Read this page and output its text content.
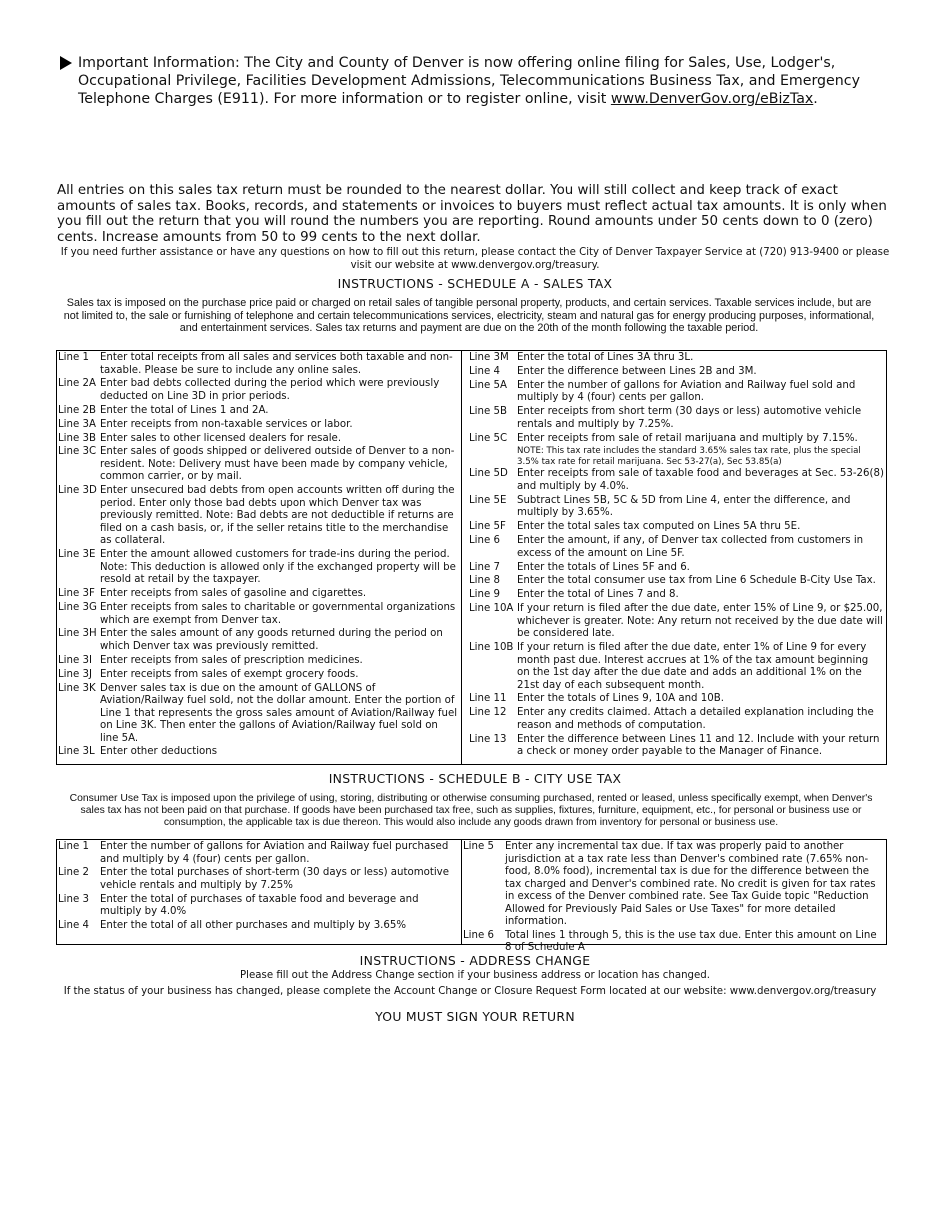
Important Information: The City and County of Denver is now offering online filing for Sales, Use, Lodger's, Occupational Privilege, Facilities Development Admissions, Telecommunications Business Tax, and Emergency Telephone Charges (E911). For more information or to register online, visit www.DenverGov.org/eBizTax.
All entries on this sales tax return must be rounded to the nearest dollar. You will still collect and keep track of exact amounts of sales tax. Books, records, and statements or invoices to buyers must reflect actual tax amounts. It is only when you fill out the return that you will round the numbers you are reporting. Round amounts under 50 cents down to 0 (zero) cents. Increase amounts from 50 to 99 cents to the next dollar.
If you need further assistance or have any questions on how to fill out this return, please contact the City of Denver Taxpayer Service at (720) 913-9400 or please visit our website at www.denvergov.org/treasury.
INSTRUCTIONS - SCHEDULE A - SALES TAX
Sales tax is imposed on the purchase price paid or charged on retail sales of tangible personal property, products, and certain services. Taxable services include, but are not limited to, the sale or furnishing of telephone and certain telecommunications services, electricity, steam and natural gas for energy producing purposes, informational, and entertainment services. Sales tax returns and payment are due on the 20th of the month following the taxable period.
Line 1	Enter total receipts from all sales and services both taxable and non-taxable. Please be sure to include any online sales.
Line 2A Enter bad debts collected during the period which were previously deducted on Line 3D in prior periods.
Line 2B Enter the total of Lines 1 and 2A.
Line 3A Enter receipts from non-taxable services or labor.
Line 3B Enter sales to other licensed dealers for resale.
Line 3C Enter sales of goods shipped or delivered outside of Denver to a non-resident. Note: Delivery must have been made by company vehicle, common carrier, or by mail.
Line 3D Enter unsecured bad debts from open accounts written off during the period. Enter only those bad debts upon which Denver tax was previously remitted. Note: Bad debts are not deductible if returns are filed on a cash basis, or, if the seller retains title to the merchandise as collateral.
Line 3E Enter the amount allowed customers for trade-ins during the period. Note: This deduction is allowed only if the exchanged property will be resold at retail by the taxpayer.
Line 3F Enter receipts from sales of gasoline and cigarettes.
Line 3G Enter receipts from sales to charitable or governmental organizations which are exempt from Denver tax.
Line 3H Enter the sales amount of any goods returned during the period on which Denver tax was previously remitted.
Line 3I Enter receipts from sales of prescription medicines.
Line 3J Enter receipts from sales of exempt grocery foods.
Line 3K Denver sales tax is due on the amount of GALLONS of Aviation/Railway fuel sold, not the dollar amount. Enter the portion of Line 1 that represents the gross sales amount of Aviation/Railway fuel on Line 3K. Then enter the gallons of Aviation/Railway fuel sold on line 5A.
Line 3L Enter other deductions
Line 3M Enter the total of Lines 3A thru 3L.
Line 4	Enter the difference between Lines 2B and 3M.
Line 5A Enter the number of gallons for Aviation and Railway fuel sold and multiply by 4 (four) cents per gallon.
Line 5B Enter receipts from short term (30 days or less) automotive vehicle rentals and multiply by 7.25%.
Line 5C Enter receipts from sale of retail marijuana and multiply by 7.15%.
NOTE: This tax rate includes the standard 3.65% sales tax rate, plus the special 3.5% tax rate for retail marijuana. Sec 53-27(a), Sec 53.85(a)
Line 5D Enter receipts from sale of taxable food and beverages at Sec. 53-26(8) and multiply by 4.0%.
Line 5E	Subtract Lines 5B, 5C & 5D from Line 4, enter the difference, and multiply by 3.65%.
Line 5F	Enter the total sales tax computed on Lines 5A thru 5E.
Line 6	Enter the amount, if any, of Denver tax collected from customers in excess of the amount on Line 5F.
Line 7	Enter the totals of Lines 5F and 6.
Line 8	Enter the total consumer use tax from Line 6 Schedule B-City Use Tax.
Line 9	Enter the total of Lines 7 and 8.
Line 10A If your return is filed after the due date, enter 15% of Line 9, or $25.00, whichever is greater. Note: Any return not received by the due date will be considered late.
Line 10B If your return is filed after the due date, enter 1% of Line 9 for every month past due. Interest accrues at 1% of the tax amount beginning on the 1st day after the due date and adds an additional 1% on the 21st day of each subsequent month.
Line 11	Enter the totals of Lines 9, 10A and 10B.
Line 12	Enter any credits claimed. Attach a detailed explanation including the reason and methods of computation.
Line 13	Enter the difference between Lines 11 and 12. Include with your return a check or money order payable to the Manager of Finance.
INSTRUCTIONS - SCHEDULE B - CITY USE TAX
Consumer Use Tax is imposed upon the privilege of using, storing, distributing or otherwise consuming purchased, rented or leased, unless specifically exempt, when Denver's sales tax has not been paid on that purchase. If goods have been purchased tax free, such as supplies, fixtures, furniture, equipment, etc., for personal or business use or consumption, the applicable tax is due thereon. This would also include any goods drawn from inventory for personal or business use.
Line 1	Enter the number of gallons for Aviation and Railway fuel purchased and multiply by 4 (four) cents per gallon.
Line 2	Enter the total purchases of short-term (30 days or less) automotive vehicle rentals and multiply by 7.25%
Line 3	Enter the total of purchases of taxable food and beverage and multiply by 4.0%
Line 4	Enter the total of all other purchases and multiply by 3.65%
Line 5	Enter any incremental tax due. If tax was properly paid to another jurisdiction at a tax rate less than Denver's combined rate (7.65% non-food, 8.0% food), incremental tax is due for the difference between the tax charged and Denver's combined rate. No credit is given for tax rates in excess of the Denver combined rate. See Tax Guide topic "Reduction Allowed for Previously Paid Sales or Use Taxes" for more detailed information.
Line 6	Total lines 1 through 5, this is the use tax due. Enter this amount on Line 8 of Schedule A
INSTRUCTIONS - ADDRESS CHANGE
Please fill out the Address Change section if your business address or location has changed.
If the status of your business has changed, please complete the Account Change or Closure Request Form located at our website: www.denvergov.org/treasury
YOU MUST SIGN YOUR RETURN
